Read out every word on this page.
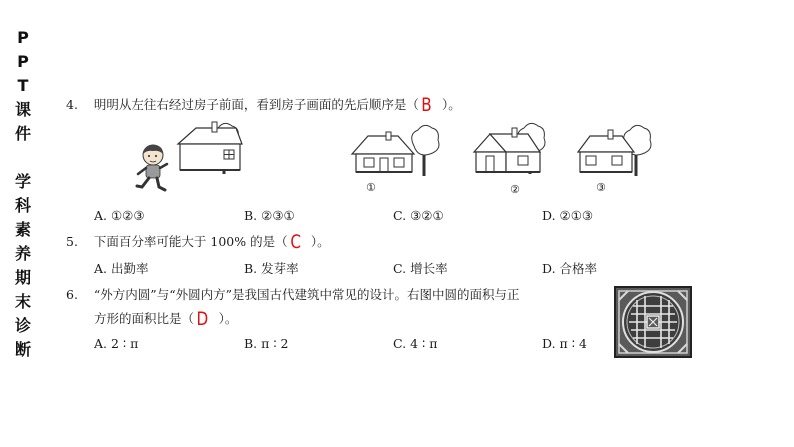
P
P
T
课
件
学
科
素
养
期
末
诊
断
4. 明明从左往右经过房子前面，看到房子画面的先后顺序是（ B ）。
①	②	③
A. ①②③	B. ②③①	C. ③②①	D. ②①③
5. 下面百分率可能大于 100% 的是（ C ）。
A. 出勤率	B. 发芽率	C. 增长率	D. 合格率
6. “外方内圆”与“外圆内方”是我国古代建筑中常见的设计。右图中圆的面积与正
方形的面积比是（ D ）。
A. 2 ∶ π	B. π ∶ 2	C. 4 ∶ π	D. π ∶ 4
